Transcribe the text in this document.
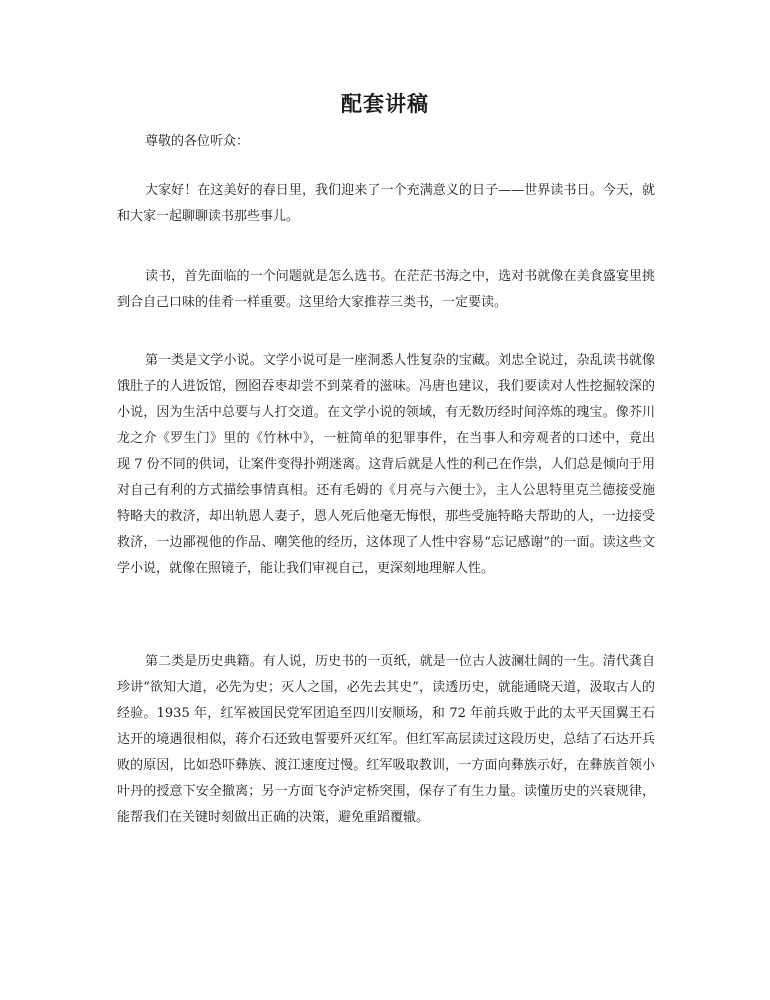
配套讲稿

尊敬的各位听众：

大家好！在这美好的春日里，我们迎来了一个充满意义的日子——世界读书日。今天，就和大家一起聊聊读书那些事儿。

读书，首先面临的一个问题就是怎么选书。在茫茫书海之中，选对书就像在美食盛宴里挑到合自己口味的佳肴一样重要。这里给大家推荐三类书，一定要读。

第一类是文学小说。文学小说可是一座洞悉人性复杂的宝藏。刘忠全说过，杂乱读书就像饿肚子的人进饭馆，囫囵吞枣却尝不到菜肴的滋味。冯唐也建议，我们要读对人性挖掘较深的小说，因为生活中总要与人打交道。在文学小说的领域，有无数历经时间淬炼的瑰宝。像芥川龙之介《罗生门》里的《竹林中》，一桩简单的犯罪事件，在当事人和旁观者的口述中，竟出现 7 份不同的供词，让案件变得扑朔迷离。这背后就是人性的利己在作祟，人们总是倾向于用对自己有利的方式描绘事情真相。还有毛姆的《月亮与六便士》，主人公思特里克兰德接受施特略夫的救济，却出轨恩人妻子，恩人死后他毫无悔恨，那些受施特略夫帮助的人，一边接受救济，一边鄙视他的作品、嘲笑他的经历，这体现了人性中容易“忘记感谢”的一面。读这些文学小说，就像在照镜子，能让我们审视自己，更深刻地理解人性。

第二类是历史典籍。有人说，历史书的一页纸，就是一位古人波澜壮阔的一生。清代龚自珍讲“欲知大道，必先为史；灭人之国，必先去其史”，读透历史，就能通晓天道，汲取古人的经验。1935 年，红军被国民党军团追至四川安顺场，和 72 年前兵败于此的太平天国翼王石达开的境遇很相似，蒋介石还致电誓要歼灭红军。但红军高层读过这段历史，总结了石达开兵败的原因，比如恐吓彝族、渡江速度过慢。红军吸取教训，一方面向彝族示好，在彝族首领小叶丹的授意下安全撤离；另一方面飞夺泸定桥突围，保存了有生力量。读懂历史的兴衰规律，能帮我们在关键时刻做出正确的决策，避免重蹈覆辙。
